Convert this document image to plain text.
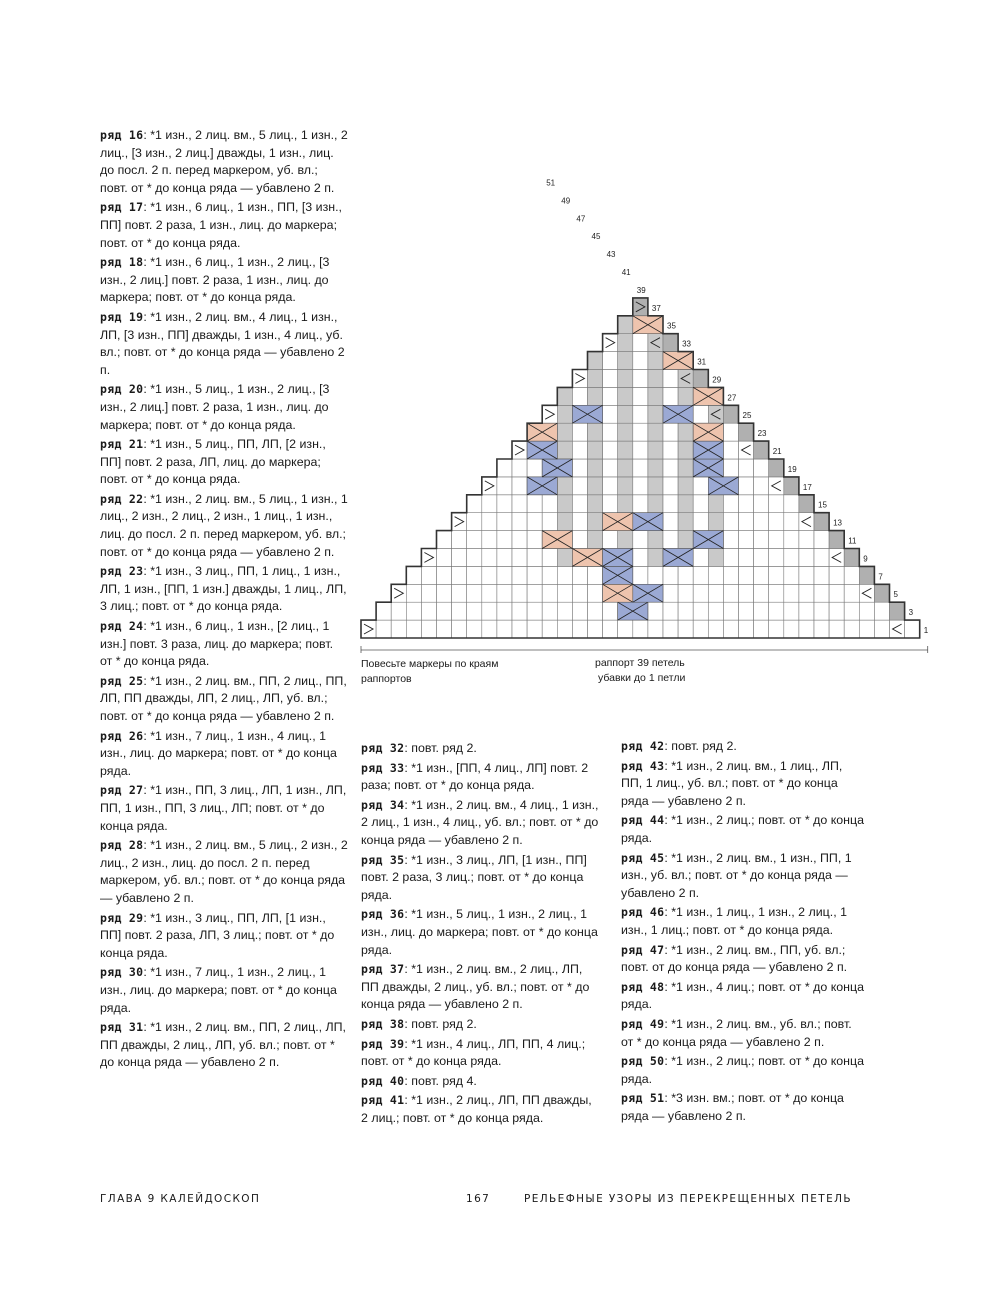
ряд 16: *1 изн., 2 лиц. вм., 5 лиц., 1 изн., 2 лиц., [3 изн., 2 лиц.] дважды, 1 изн., лиц. до посл. 2 п. перед маркером, уб. вл.; повт. от * до конца ряда — убавлено 2 п.

ряд 17: *1 изн., 6 лиц., 1 изн., ПП, [3 изн., ПП] повт. 2 раза, 1 изн., лиц. до маркера; повт. от * до конца ряда.

ряд 18: *1 изн., 6 лиц., 1 изн., 2 лиц., [3 изн., 2 лиц.] повт. 2 раза, 1 изн., лиц. до маркера; повт. от * до конца ряда.

ряд 19: *1 изн., 2 лиц. вм., 4 лиц., 1 изн., ЛП, [3 изн., ПП] дважды, 1 изн., 4 лиц., уб. вл.; повт. от * до конца ряда — убавлено 2 п.

ряд 20: *1 изн., 5 лиц., 1 изн., 2 лиц., [3 изн., 2 лиц.] повт. 2 раза, 1 изн., лиц. до маркера; повт. от * до конца ряда.

ряд 21: *1 изн., 5 лиц., ПП, ЛП, [2 изн., ПП] повт. 2 раза, ЛП, лиц. до маркера; повт. от * до конца ряда.

ряд 22: *1 изн., 2 лиц. вм., 5 лиц., 1 изн., 1 лиц., 2 изн., 2 лиц., 2 изн., 1 лиц., 1 изн., лиц. до посл. 2 п. перед маркером, уб. вл.; повт. от * до конца ряда — убавлено 2 п.

ряд 23: *1 изн., 3 лиц., ПП, 1 лиц., 1 изн., ЛП, 1 изн., [ПП, 1 изн.] дважды, 1 лиц., ЛП, 3 лиц.; повт. от * до конца ряда.

ряд 24: *1 изн., 6 лиц., 1 изн., [2 лиц., 1 изн.] повт. 3 раза, лиц. до маркера; повт. от * до конца ряда.

ряд 25: *1 изн., 2 лиц. вм., ПП, 2 лиц., ПП, ЛП, ПП дважды, ЛП, 2 лиц., ЛП, уб. вл.; повт. от * до конца ряда — убавлено 2 п.

ряд 26: *1 изн., 7 лиц., 1 изн., 4 лиц., 1 изн., лиц. до маркера; повт. от * до конца ряда.

ряд 27: *1 изн., ПП, 3 лиц., ЛП, 1 изн., ЛП, ПП, 1 изн., ПП, 3 лиц., ЛП; повт. от * до конца ряда.

ряд 28: *1 изн., 2 лиц. вм., 5 лиц., 2 изн., 2 лиц., 2 изн., лиц. до посл. 2 п. перед маркером, уб. вл.; повт. от * до конца ряда — убавлено 2 п.

ряд 29: *1 изн., 3 лиц., ПП, ЛП, [1 изн., ПП] повт. 2 раза, ЛП, 3 лиц.; повт. от * до конца ряда.

ряд 30: *1 изн., 7 лиц., 1 изн., 2 лиц., 1 изн., лиц. до маркера; повт. от * до конца ряда.

ряд 31: *1 изн., 2 лиц. вм., ПП, 2 лиц., ЛП, ПП дважды, 2 лиц., ЛП, уб. вл.; повт. от * до конца ряда — убавлено 2 п.

ряд 32: повт. ряд 2.

ряд 33: *1 изн., [ПП, 4 лиц., ЛП] повт. 2 раза; повт. от * до конца ряда.

ряд 34: *1 изн., 2 лиц. вм., 4 лиц., 1 изн., 2 лиц., 1 изн., 4 лиц., уб. вл.; повт. от * до конца ряда — убавлено 2 п.

ряд 35: *1 изн., 3 лиц., ЛП, [1 изн., ПП] повт. 2 раза, 3 лиц.; повт. от * до конца ряда.

ряд 36: *1 изн., 5 лиц., 1 изн., 2 лиц., 1 изн., лиц. до маркера; повт. от * до конца ряда.

ряд 37: *1 изн., 2 лиц. вм., 2 лиц., ЛП, ПП дважды, 2 лиц., уб. вл.; повт. от * до конца ряда — убавлено 2 п.

ряд 38: повт. ряд 2.

ряд 39: *1 изн., 4 лиц., ЛП, ПП, 4 лиц.; повт. от * до конца ряда.

ряд 40: повт. ряд 4.

ряд 41: *1 изн., 2 лиц., ЛП, ПП дважды, 2 лиц.; повт. от * до конца ряда.

ряд 42: повт. ряд 2.

ряд 43: *1 изн., 2 лиц. вм., 1 лиц., ЛП, ПП, 1 лиц., уб. вл.; повт. от * до конца ряда — убавлено 2 п.

ряд 44: *1 изн., 2 лиц.; повт. от * до конца ряда.

ряд 45: *1 изн., 2 лиц. вм., 1 изн., ПП, 1 изн., уб. вл.; повт. от * до конца ряда — убавлено 2 п.

ряд 46: *1 изн., 1 лиц., 1 изн., 2 лиц., 1 изн., 1 лиц.; повт. от * до конца ряда.

ряд 47: *1 изн., 2 лиц. вм., ПП, уб. вл.; повт. от до конца ряда — убавлено 2 п.

ряд 48: *1 изн., 4 лиц.; повт. от * до конца ряда.

ряд 49: *1 изн., 2 лиц. вм., уб. вл.; повт. от * до конца ряда — убавлено 2 п.

ряд 50: *1 изн., 2 лиц.; повт. от * до конца ряда.

ряд 51: *3 изн. вм.; повт. от * до конца ряда — убавлено 2 п.

1
3
5
7
9
11
13
15
17
19
21
23
25
27
29
31
33
35
37
39
41
43
45
47
49
51
Повесьте маркеры по краям раппортов
раппорт 39 петель
убавки до 1 петли
ГЛАВА 9 КАЛЕЙДОСКОП	167	РЕЛЬЕФНЫЕ УЗОРЫ ИЗ ПЕРЕКРЕЩЕННЫХ ПЕТЕЛЬ
